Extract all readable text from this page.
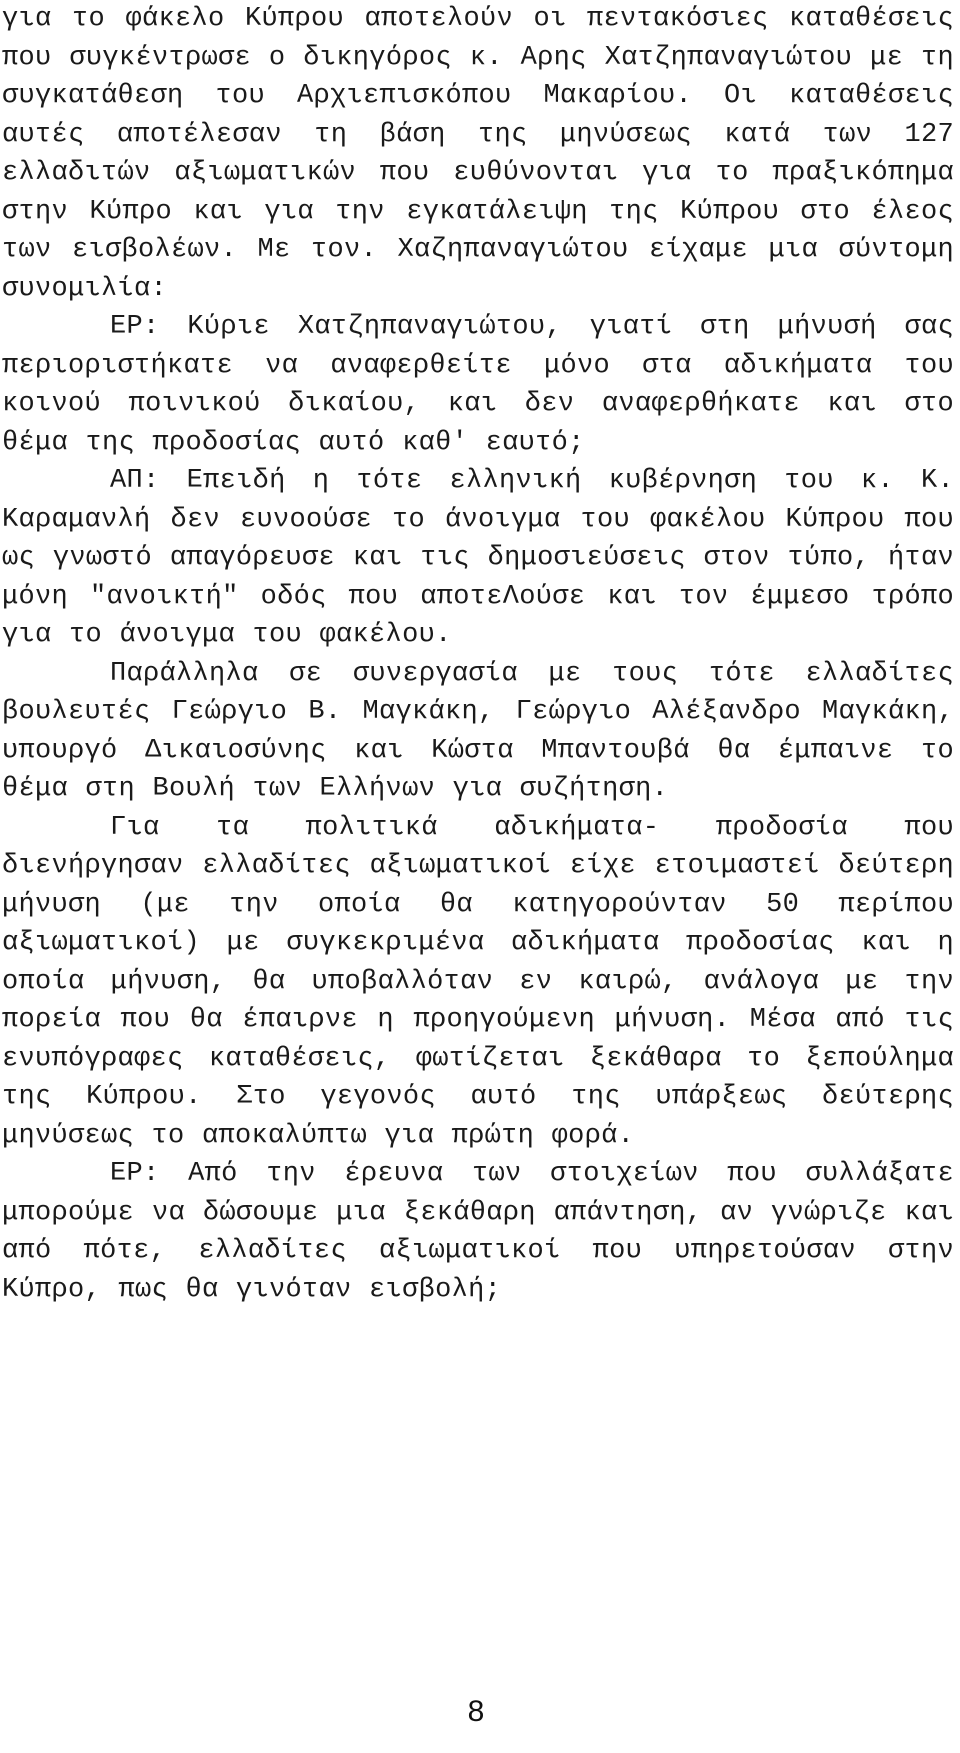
για το φάκελο Κύπρου αποτελούν οι πεντακόσιες καταθέσεις που συγκέντρωσε ο δικηγόρος κ. Αρης Χατζηπαναγιώτου με τη συγκατάθεση του Αρχιεπισκόπου Μακαρίου. Οι καταθέσεις αυτές αποτέλεσαν τη βάση της μηνύσεως κατά των 127 ελλαδιτών αξιωματικών που ευθύνονται για το πραξικόπημα στην Κύπρο και για την εγκατάλειψη της Κύπρου στο έλεος των εισβολέων. Με τον. Χαζηπαναγιώτου είχαμε μια σύντομη συνομιλία:

ΕΡ: Κύριε Χατζηπαναγιώτου, γιατί στη μήνυσή σας περιοριστήκατε να αναφερθείτε μόνο στα αδικήματα του κοινού ποινικού δικαίου, και δεν αναφερθήκατε και στο θέμα της προδοσίας αυτό καθ' εαυτό;

ΑΠ: Επειδή η τότε ελληνική κυβέρνηση του κ. Κ. Καραμανλή δεν ευνοούσε το άνοιγμα του φακέλου Κύπρου που ως γνωστό απαγόρευσε και τις δημοσιεύσεις στον τύπο, ήταν μόνη "ανοικτή" οδός που αποτεΛούσε και τον έμμεσο τρόπο για το άνοιγμα του φακέλου.

Παράλληλα σε συνεργασία με τους τότε ελλαδίτες βουλευτές Γεώργιο Β. Μαγκάκη, Γεώργιο Αλέξανδρο Μαγκάκη, υπουργό Δικαιοσύνης και Κώστα Μπαντουβά θα έμπαινε το θέμα στη Βουλή των Ελλήνων για συζήτηση.

Για τα πολιτικά αδικήματα- προδοσία που διενήργησαν ελλαδίτες αξιωματικοί είχε ετοιμαστεί δεύτερη μήνυση (με την οποία θα κατηγορούνταν 50 περίπου αξιωματικοί) με συγκεκριμένα αδικήματα προδοσίας και η οποία μήνυση, θα υποβαλλόταν εν καιρώ, ανάλογα με την πορεία που θα έπαιρνε η προηγούμενη μήνυση. Μέσα από τις ενυπόγραφες καταθέσεις, φωτίζεται ξεκάθαρα το ξεπούλημα της Κύπρου. Στο γεγονός αυτό της υπάρξεως δεύτερης μηνύσεως το αποκαλύπτω για πρώτη φορά.

ΕΡ: Από την έρευνα των στοιχείων που συλλάξατε μπορούμε να δώσουμε μια ξεκάθαρη απάντηση, αν γνώριζε και από πότε, ελλαδίτες αξιωματικοί που υπηρετούσαν στην Κύπρο, πως θα γινόταν εισβολή;

8
